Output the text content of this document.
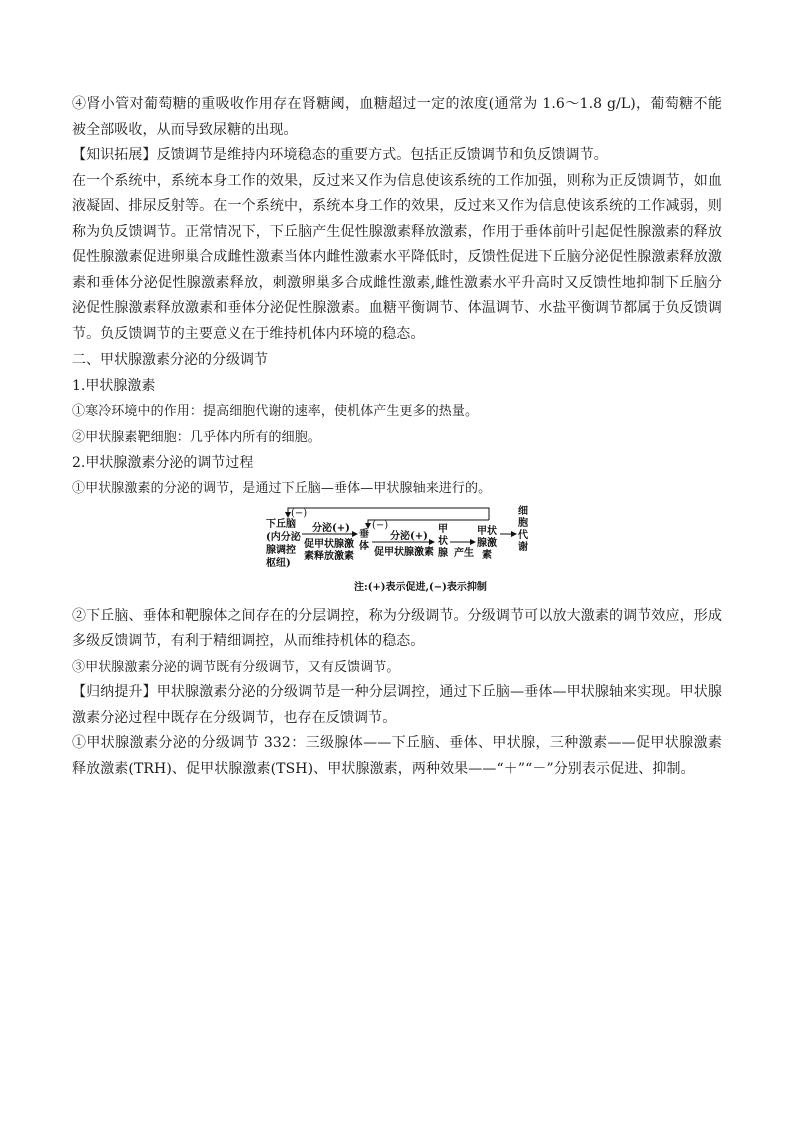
④肾小管对葡萄糖的重吸收作用存在肾糖阈，血糖超过一定的浓度(通常为 1.6～1.8 g/L)，葡萄糖不能被全部吸收，从而导致尿糖的出现。

【知识拓展】反馈调节是维持内环境稳态的重要方式。包括正反馈调节和负反馈调节。

在一个系统中，系统本身工作的效果，反过来又作为信息使该系统的工作加强，则称为正反馈调节，如血液凝固、排尿反射等。在一个系统中，系统本身工作的效果，反过来又作为信息使该系统的工作减弱，则称为负反馈调节。正常情况下，下丘脑产生促性腺激素释放激素，作用于垂体前叶引起促性腺激素的释放促性腺激素促进卵巢合成雌性激素当体内雌性激素水平降低时，反馈性促进下丘脑分泌促性腺激素释放激素和垂体分泌促性腺激素释放，刺激卵巢多合成雌性激素,雌性激素水平升高时又反馈性地抑制下丘脑分泌促性腺激素释放激素和垂体分泌促性腺激素。血糖平衡调节、体温调节、水盐平衡调节都属于负反馈调节。负反馈调节的主要意义在于维持机体内环境的稳态。

二、甲状腺激素分泌的分级调节

1.甲状腺激素

①寒冷环境中的作用：提高细胞代谢的速率，使机体产生更多的热量。

②甲状腺素靶细胞：几乎体内所有的细胞。

2.甲状腺激素分泌的调节过程

①甲状腺激素的分泌的调节，是通过下丘脑—垂体—甲状腺轴来进行的。

下丘脑
(内分泌
腺调控
枢纽)
(−)
(−)
分泌(+)
促甲状腺激
素释放激素
垂
体
分泌(+)
促甲状腺激素
甲
状
腺 产生
甲状
腺激
素
细
胞
代
谢
注:(+)表示促进,(−)表示抑制

②下丘脑、垂体和靶腺体之间存在的分层调控，称为分级调节。分级调节可以放大激素的调节效应，形成多级反馈调节，有利于精细调控，从而维持机体的稳态。

③甲状腺激素分泌的调节既有分级调节，又有反馈调节。

【归纳提升】甲状腺激素分泌的分级调节是一种分层调控，通过下丘脑—垂体—甲状腺轴来实现。甲状腺激素分泌过程中既存在分级调节，也存在反馈调节。

①甲状腺激素分泌的分级调节 332：三级腺体——下丘脑、垂体、甲状腺，三种激素——促甲状腺激素释放激素(TRH)、促甲状腺激素(TSH)、甲状腺激素，两种效果——“＋”“－”分别表示促进、抑制。
